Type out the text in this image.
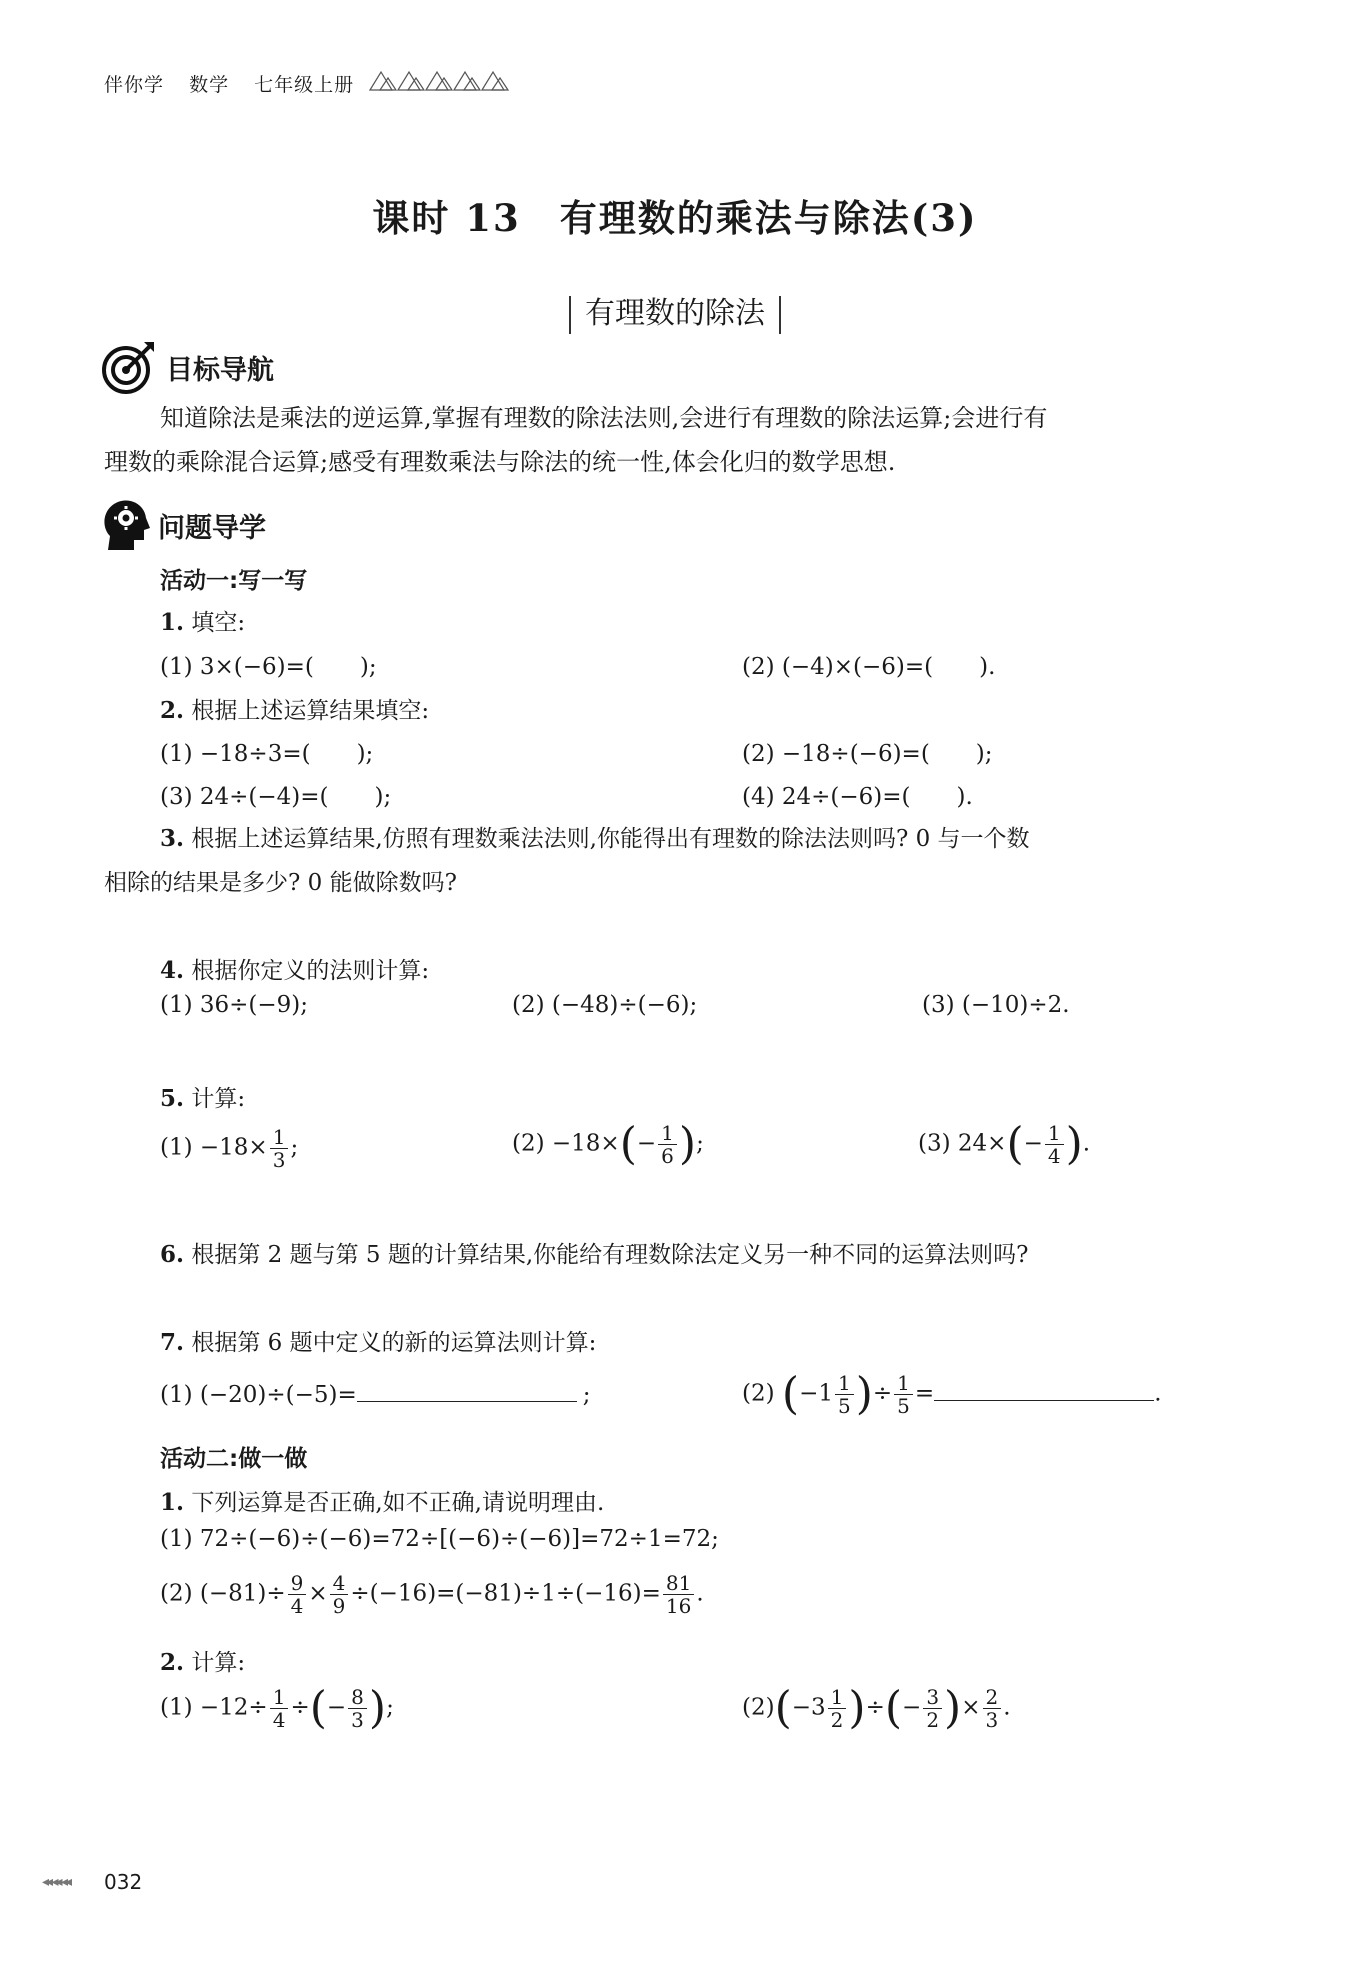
伴你学 数学 七年级上册
课时 13　有理数的乘法与除法(3)
有理数的除法
目标导航
知道除法是乘法的逆运算,掌握有理数的除法法则,会进行有理数的除法运算;会进行有
理数的乘除混合运算;感受有理数乘法与除法的统一性,体会化归的数学思想.
问题导学
活动一:写一写
1. 填空:
(1) 3×(−6)=(　　);	(2) (−4)×(−6)=(　　).
2. 根据上述运算结果填空:
(1) −18÷3=(　　);	(2) −18÷(−6)=(　　);
(3) 24÷(−4)=(　　);	(4) 24÷(−6)=(　　).
3. 根据上述运算结果,仿照有理数乘法法则,你能得出有理数的除法法则吗? 0 与一个数
相除的结果是多少? 0 能做除数吗?
4. 根据你定义的法则计算:
(1) 36÷(−9);	(2) (−48)÷(−6);	(3) (−10)÷2.
5. 计算:
$(1) -18\times \frac{1}{3}$ ;	$(2) -18\times(- \frac{1}{6}$ );	(3) $24\times(- \frac{1}{4}$ ).
6. 根据第 2 题与第 5 题的计算结果,你能给有理数除法定义另一种不同的运算法则吗?
7. 根据第 6 题中定义的新的运算法则计算:
(1) (−20)÷(−5)=	;	(2) ($-1 \frac{1}{5}$ )÷ $\frac{1}{5}$ =	.
活动二:做一做
1. 下列运算是否正确,如不正确,请说明理由.
(1) 72÷(−6)÷(−6)=72÷[(−6)÷(−6)]=72÷1=72;
(2) $(-81)\div \frac{9}{4} \times \frac{4}{9} \div(-16)=(-81)\div 1\div(-16)= \frac{81}{16}$ .
2. 计算:
$(1) -12\div \frac{1}{4}$ ÷(− $\frac{8}{3}$ );	$(2)(-3 \frac{1}{2}$ )÷(− $\frac{3}{2}$ )× $\frac{2}{3}$ .
◂◂ ◂◂ ◂◂ 032
